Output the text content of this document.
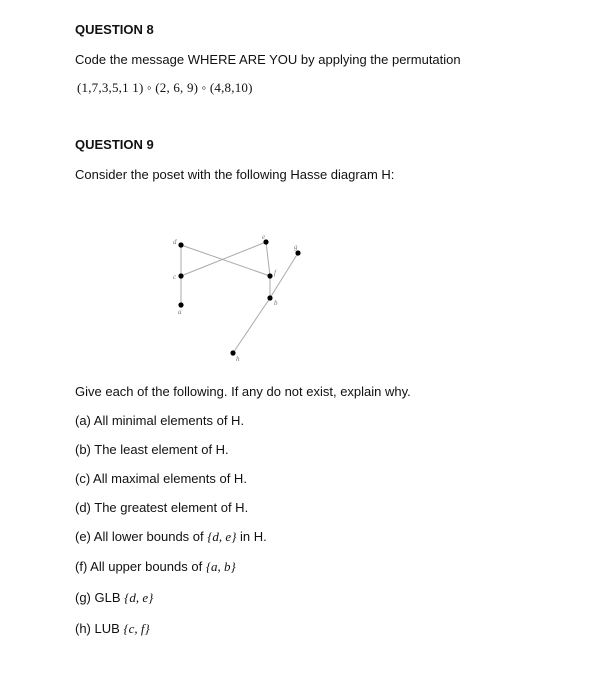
QUESTION 8
Code the message WHERE ARE YOU by applying the permutation
(1,7,3,5,1 1) ◦ (2, 6, 9) ◦ (4,8,10)
QUESTION 9
Consider the poset with the following Hasse diagram H:
d
c
a
e
f
g
b
h
Give each of the following. If any do not exist, explain why.
(a) All minimal elements of H.
(b) The least element of H.
(c) All maximal elements of H.
(d) The greatest element of H.
(e) All lower bounds of {d, e} in H.
(f) All upper bounds of {a, b}
(g) GLB {d, e}
(h) LUB {c, f}
